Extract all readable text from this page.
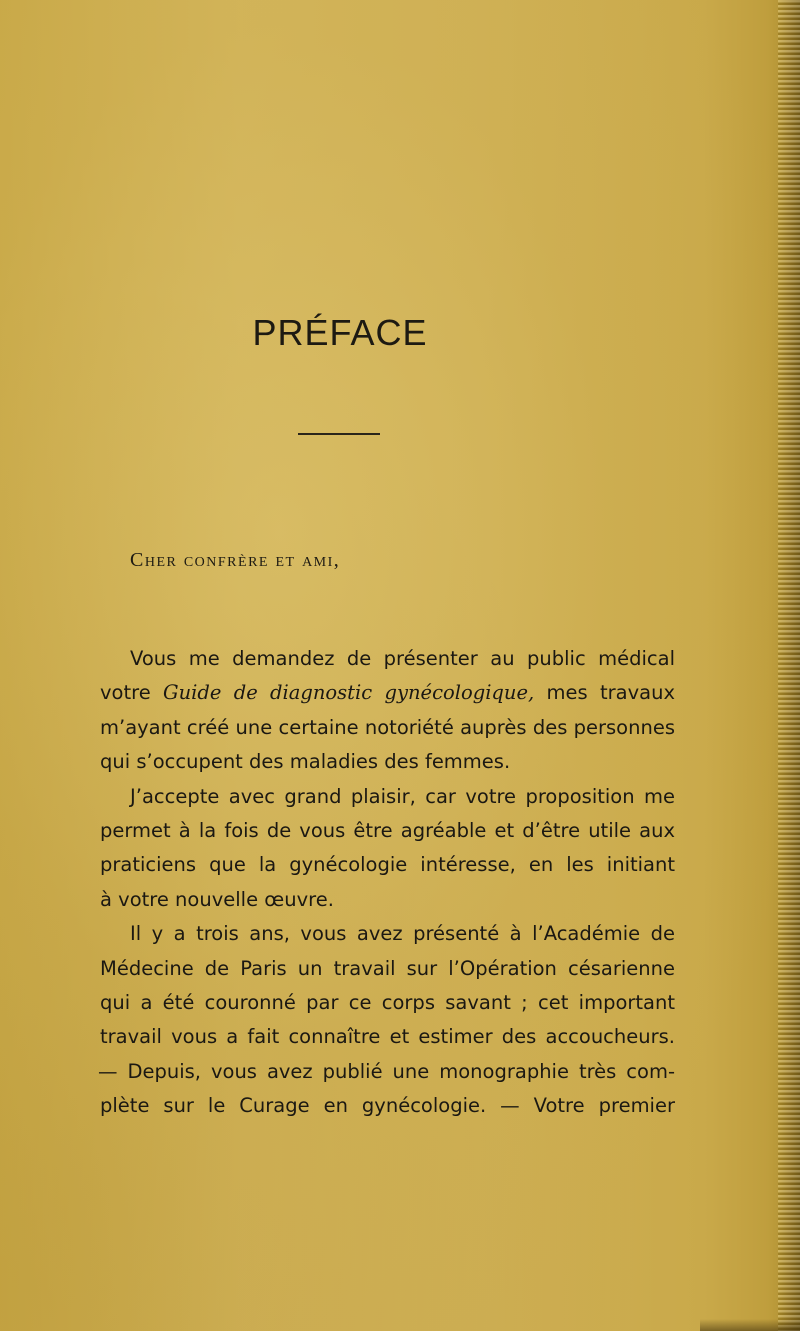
PRÉFACE
Cher confrère et ami,
Vous me demandez de présenter au public médical
votre Guide de diagnostic gynécologique, mes travaux
m’ayant créé une certaine notoriété auprès des personnes
qui s’occupent des maladies des femmes.
J’accepte avec grand plaisir, car votre proposition me
permet à la fois de vous être agréable et d’être utile aux
praticiens que la gynécologie intéresse, en les initiant
à votre nouvelle œuvre.
Il y a trois ans, vous avez présenté à l’Académie de
Médecine de Paris un travail sur l’Opération césarienne
qui a été couronné par ce corps savant ; cet important
travail vous a fait connaître et estimer des accoucheurs.
— Depuis, vous avez publié une monographie très com-
plète sur le Curage en gynécologie. — Votre premier
